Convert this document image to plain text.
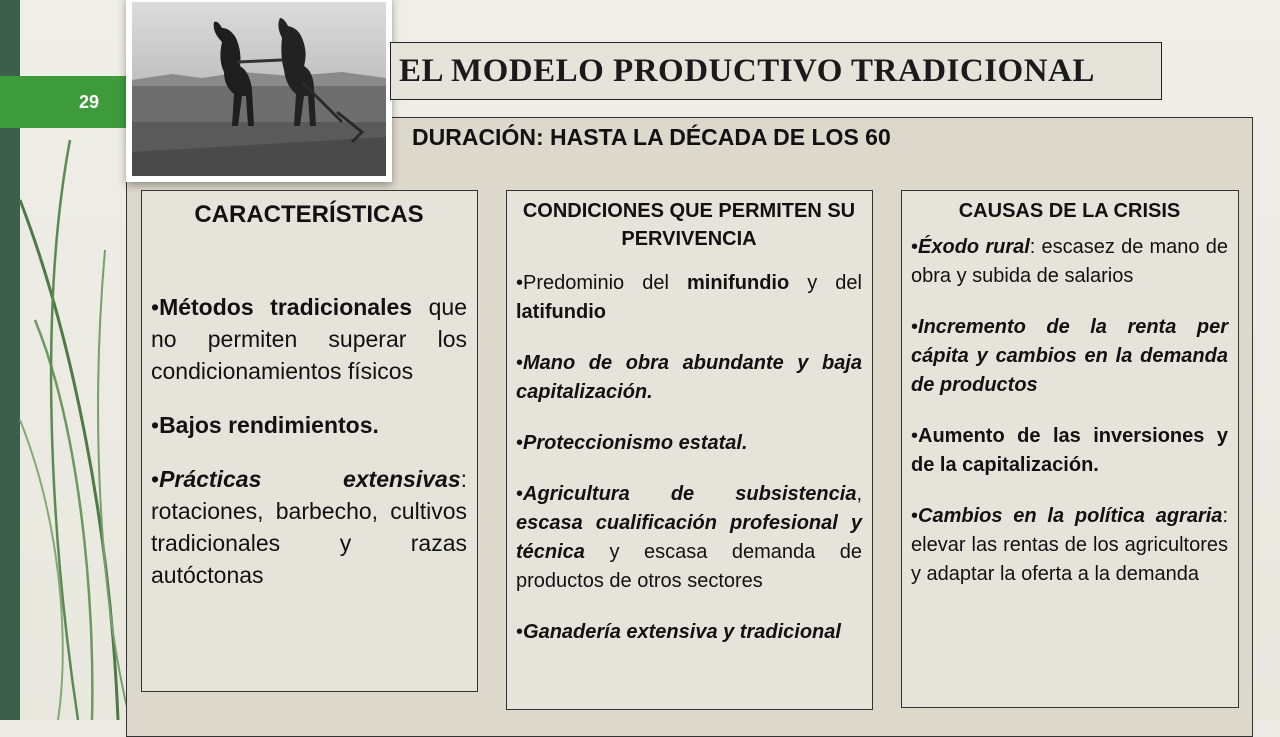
29
EL MODELO PRODUCTIVO TRADICIONAL
DURACIÓN: HASTA LA DÉCADA DE LOS 60
CARACTERÍSTICAS
•Métodos tradicionales que no permiten superar los condicionamientos físicos
•Bajos rendimientos.
•Prácticas extensivas: rotaciones, barbecho, cultivos tradicionales y razas autóctonas
CONDICIONES QUE PERMITEN SU PERVIVENCIA
•Predominio del minifundio y del latifundio
•Mano de obra abundante y baja capitalización.
•Proteccionismo estatal.
•Agricultura de subsistencia, escasa cualificación profesional y técnica y escasa demanda de productos de otros sectores
•Ganadería extensiva y tradicional
CAUSAS DE LA CRISIS
•Éxodo rural: escasez de mano de obra y subida de salarios
•Incremento de la renta per cápita y cambios en la demanda de productos
•Aumento de las inversiones y de la capitalización.
•Cambios en la política agraria: elevar las rentas de los agricultores y adaptar la oferta a la demanda
